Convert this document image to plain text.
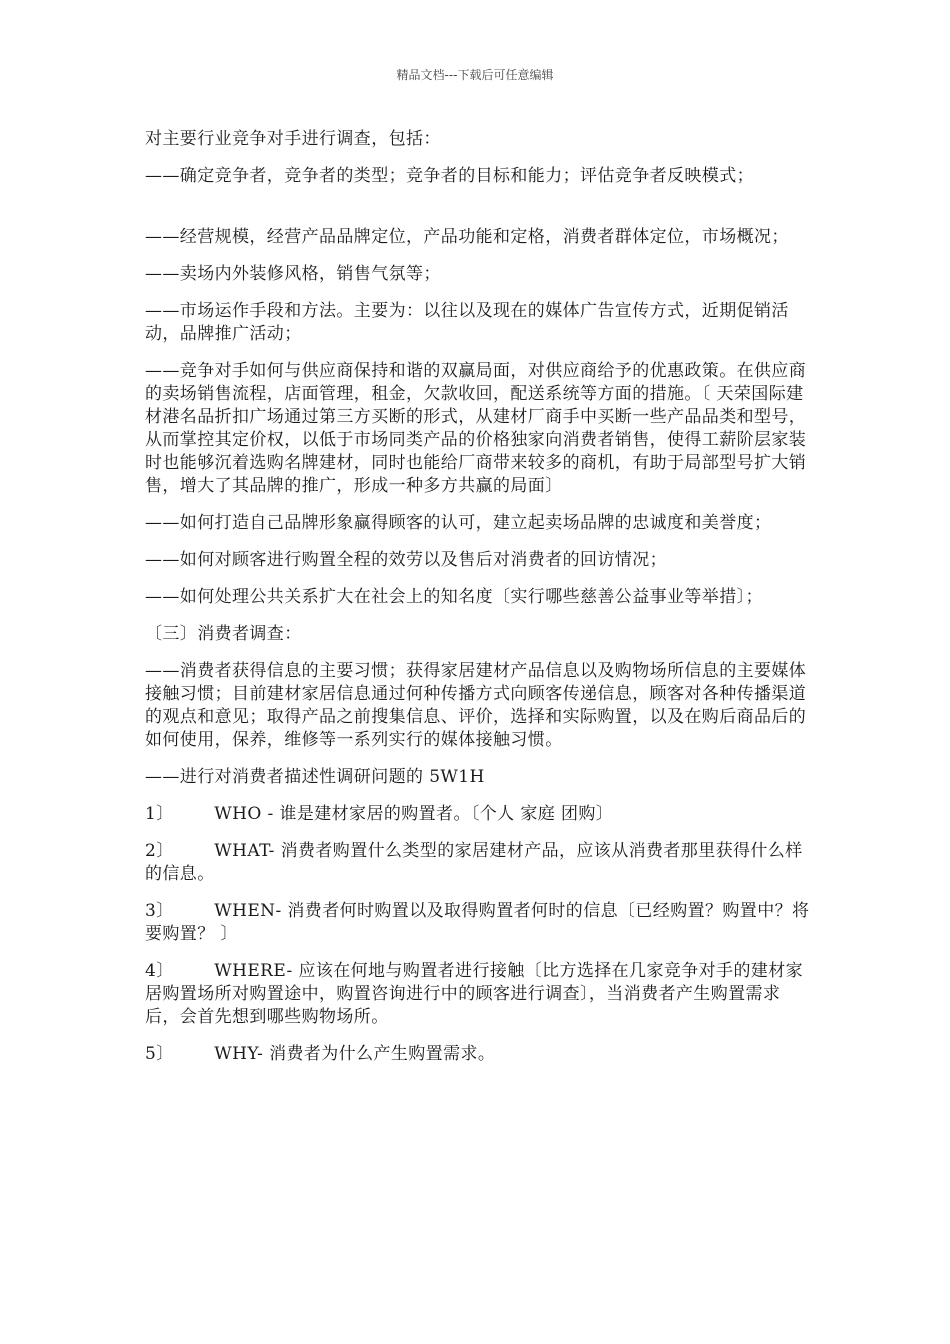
精品文档---下载后可任意编辑

对主要行业竞争对手进行调查，包括：

——确定竞争者，竞争者的类型；竞争者的目标和能力；评估竞争者反映模式；

——经营规模，经营产品品牌定位，产品功能和定格，消费者群体定位，市场概况；

——卖场内外装修风格，销售气氛等；

——市场运作手段和方法。主要为：以往以及现在的媒体广告宣传方式，近期促销活动，品牌推广活动；

——竞争对手如何与供应商保持和谐的双赢局面，对供应商给予的优惠政策。在供应商的卖场销售流程，店面管理，租金，欠款收回，配送系统等方面的措施。〔 天荣国际建材港名品折扣广场通过第三方买断的形式，从建材厂商手中买断一些产品品类和型号，从而掌控其定价权，以低于市场同类产品的价格独家向消费者销售，使得工薪阶层家装时也能够沉着选购名牌建材，同时也能给厂商带来较多的商机，有助于局部型号扩大销售，增大了其品牌的推广，形成一种多方共赢的局面〕

——如何打造自己品牌形象赢得顾客的认可，建立起卖场品牌的忠诚度和美誉度；

——如何对顾客进行购置全程的效劳以及售后对消费者的回访情况；

——如何处理公共关系扩大在社会上的知名度〔实行哪些慈善公益事业等举措〕；

〔三〕消费者调查：

——消费者获得信息的主要习惯；获得家居建材产品信息以及购物场所信息的主要媒体接触习惯；目前建材家居信息通过何种传播方式向顾客传递信息，顾客对各种传播渠道的观点和意见；取得产品之前搜集信息、评价，选择和实际购置，以及在购后商品后的如何使用，保养，维修等一系列实行的媒体接触习惯。

——进行对消费者描述性调研问题的 5W1H

1〕 WHO - 谁是建材家居的购置者。〔个人 家庭 团购〕

2〕 WHAT- 消费者购置什么类型的家居建材产品，应该从消费者那里获得什么样的信息。

3〕 WHEN- 消费者何时购置以及取得购置者何时的信息〔已经购置？购置中？将要购置？ 〕

4〕 WHERE- 应该在何地与购置者进行接触〔比方选择在几家竞争对手的建材家居购置场所对购置途中，购置咨询进行中的顾客进行调查〕，当消费者产生购置需求后，会首先想到哪些购物场所。

5〕 WHY- 消费者为什么产生购置需求。
